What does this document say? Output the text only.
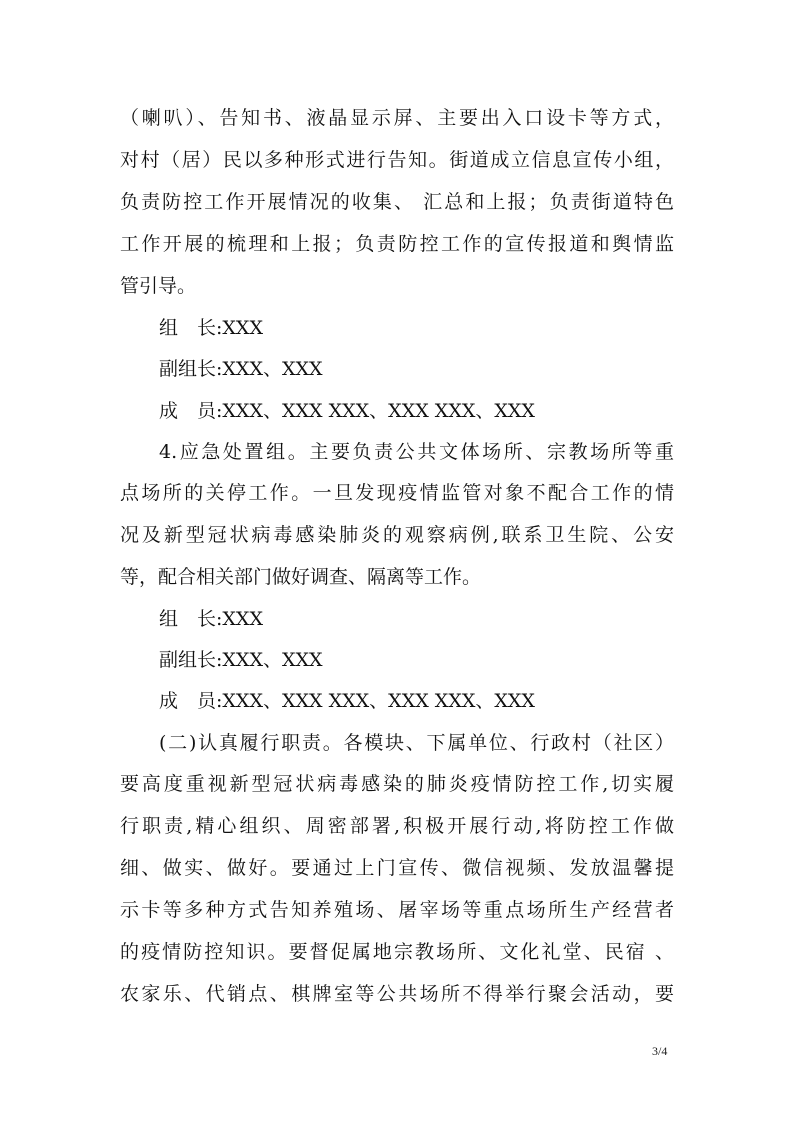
（喇叭）、告知书、液晶显示屏、主要出入口设卡等方式，
对村（居）民以多种形式进行告知。街道成立信息宣传小组，
负责防控工作开展情况的收集、 汇总和上报；负责街道特色
工作开展的梳理和上报；负责防控工作的宣传报道和舆情监
管引导。
组　长:XXX
副组长:XXX、XXX
成　员:XXX、XXX XXX、XXX XXX、XXX
4.应急处置组。主要负责公共文体场所、宗教场所等重
点场所的关停工作。一旦发现疫情监管对象不配合工作的情
况及新型冠状病毒感染肺炎的观察病例,联系卫生院、公安
等，配合相关部门做好调查、隔离等工作。
组　长:XXX
副组长:XXX、XXX
成　员:XXX、XXX XXX、XXX XXX、XXX
(二)认真履行职责。各模块、下属单位、行政村（社区）
要高度重视新型冠状病毒感染的肺炎疫情防控工作,切实履
行职责,精心组织、周密部署,积极开展行动,将防控工作做
细、做实、做好。要通过上门宣传、微信视频、发放温馨提
示卡等多种方式告知养殖场、屠宰场等重点场所生产经营者
的疫情防控知识。要督促属地宗教场所、文化礼堂、民宿 、
农家乐、代销点、棋牌室等公共场所不得举行聚会活动，要
3/4
